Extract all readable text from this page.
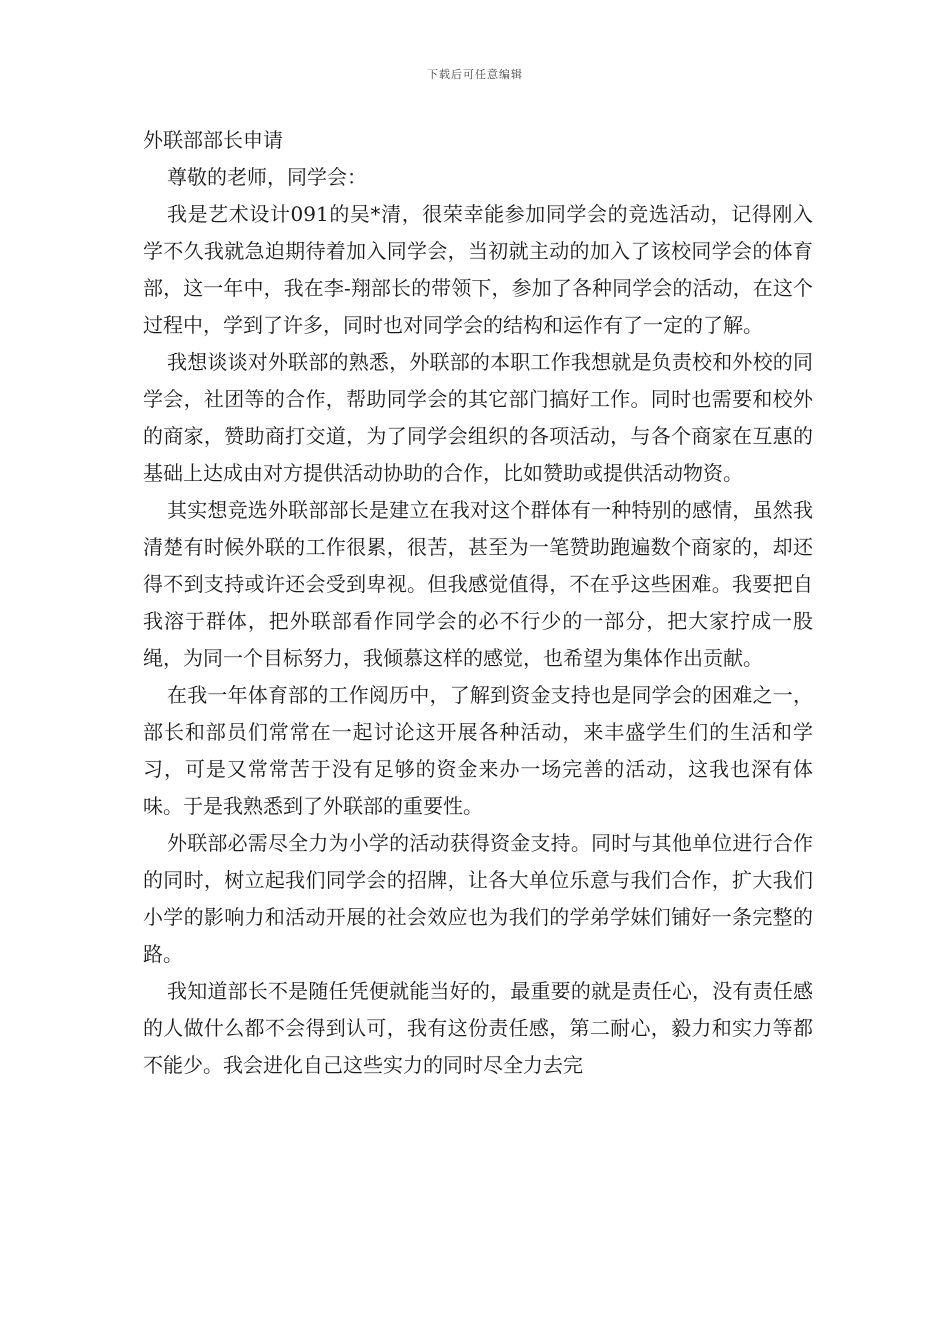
下载后可任意编辑
外联部部长申请

尊敬的老师，同学会：

我是艺术设计091的吴*清，很荣幸能参加同学会的竞选活动，记得刚入学不久我就急迫期待着加入同学会，当初就主动的加入了该校同学会的体育部，这一年中，我在李-翔部长的带领下，参加了各种同学会的活动，在这个过程中，学到了许多，同时也对同学会的结构和运作有了一定的了解。

我想谈谈对外联部的熟悉，外联部的本职工作我想就是负责校和外校的同学会，社团等的合作，帮助同学会的其它部门搞好工作。同时也需要和校外的商家，赞助商打交道，为了同学会组织的各项活动，与各个商家在互惠的基础上达成由对方提供活动协助的合作，比如赞助或提供活动物资。

其实想竞选外联部部长是建立在我对这个群体有一种特别的感情，虽然我清楚有时候外联的工作很累，很苦，甚至为一笔赞助跑遍数个商家的，却还得不到支持或许还会受到卑视。但我感觉值得，不在乎这些困难。我要把自我溶于群体，把外联部看作同学会的必不行少的一部分，把大家拧成一股绳，为同一个目标努力，我倾慕这样的感觉，也希望为集体作出贡献。

在我一年体育部的工作阅历中，了解到资金支持也是同学会的困难之一，部长和部员们常常在一起讨论这开展各种活动，来丰盛学生们的生活和学习，可是又常常苦于没有足够的资金来办一场完善的活动，这我也深有体味。于是我熟悉到了外联部的重要性。

外联部必需尽全力为小学的活动获得资金支持。同时与其他单位进行合作的同时，树立起我们同学会的招牌，让各大单位乐意与我们合作，扩大我们小学的影响力和活动开展的社会效应也为我们的学弟学妹们铺好一条完整的路。

我知道部长不是随任凭便就能当好的，最重要的就是责任心，没有责任感的人做什么都不会得到认可，我有这份责任感，第二耐心，毅力和实力等都不能少。我会进化自己这些实力的同时尽全力去完
